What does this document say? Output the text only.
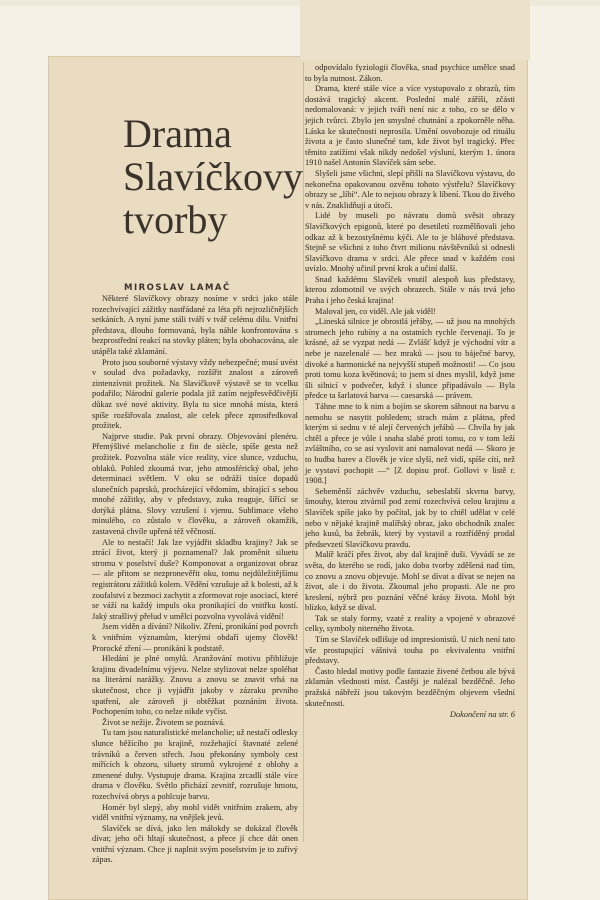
Drama Slavíčkovy tvorby
MIROSLAV LAMAČ

Některé Slavíčkovy obrazy nosíme v srdci jako stále rozechvívající zážitky nastřádané za léta při nejrozličnějších setkáních. A nyní jsme stáli tváří v tvář celému dílu. Vnitřní představa, dlouho formovaná, byla náhle konfrontována s bezprostřední reakcí na stovky pláten; byla obohacována, ale utápěla také zklamání.

Proto jsou souborné výstavy vždy nebezpečné; musí uvést v soulad dva požadavky, rozšířit znalost a zároveň zintenzívnit prožitek. Na Slavíčkově výstavě se to vcelku podařilo; Národní galerie podala již zatím nejpřesvědčivější důkaz své nové aktivity. Byla tu sice mnohá místa, která spíše rozšiřovala znalost, ale celek přece zprostředkoval prožitek.

Najprve studie. Pak první obrazy. Objevování plenéru. Přemýšlivé melancholie z fin de siècle, spíše gesta než prožitek. Pozvolna stále více reality, více slunce, vzduchu, oblaků. Pohled zkoumá tvar, jeho atmosférický obal, jeho determinaci světlem. V oku se odráží tisíce dopadů slunečních paprsků, procházející vědomím, sbírající s sebou mnohé zážitky, aby v představy, zuka reaguje, šířící se dotýká plátna. Slovy vzrušení i vjemu. Sublimace všeho minulého, co zůstalo v člověku, a zároveň okamžik, zastavená chvíle upřená též věčností.

Ale to nestačí! Jak lze vyjádřit skladbu krajiny? Jak se ztrácí život, který ji poznamenal? Jak proměnit siluetu stromu v poselství duše? Komponovat a organizovat obraz — ale přitom se nezpronevěřit oku, tomu nejdůležitějšímu registrátoru zážitků kolem. Vědění vzrušuje až k bolesti, až k zoufalství z bezmoci zachytit a zformovat roje asociací, které se váží na každý impuls oka pronikající do vnitřku kostí. Jaký strašlivý přelud v umělci pozvolna vyvolává vidění!

Jsem viděn a dívání? Nikoliv. Zření, pronikání pod povrch k vnitřním významům, kterými obdaří ujemy člověk! Prorocké zření — pronikání k podstatě.

Hledání je plné omylů. Aranžování motivu přibližuje krajinu divadelnímu výjevu. Nelze stylizovat nelze spoléhat na literární narážky. Znovu a znovu se znavit vrhá na skutečnost, chce ji vyjádřit jakoby v zázraku prvního spatření, ale zároveň ji obtěžkat poznáním života. Pochopením toho, co nelze nikde vyčíst.

Život se nežije. Životem se poznává.

Tu tam jsou naturalistické melancholie; už nestačí odlesky slunce běžícího po krajině, rozžehající štavnaté zelené trávníků a červen střech. Jsou překonány symboly cest mířících k obzoru, siluety stromů vykrojené z oblohy a zmenené duhy. Vystupuje drama. Krajina zrcadlí stále více drama v člověku. Světlo přichází zevnitř, rozrušuje hmotu, rozechvívá obrys a pohlcuje barvu.

Homér byl slepý, aby mohl vidět vnitřním zrakem, aby viděl vnitřní významy, na vnějšek jevů.

Slavíček se dívá, jako len málokdy se dokázal člověk dívat; jeho oči hltají skutečnost, a přece jí chce dát onen vnitřní význam. Chce ji naplnit svým poselstvím je to zuřivý zápas.

odpovídalo fyziologii člověka, snad psychice umělce snad to byla nutnost. Zákon.

Drama, které stále více a více vystupovalo z obrazů, tím dostává tragický akcent. Poslední malé záříši, zčásti nedomalovaná: v jejich tváři není nic z toho, co se dělo v jejich tvůrci. Zbylo jen smyslné chutnání a zpokorněle něha. Láska ke skutečnosti neprosila. Umění osvobozuje od rituálu života a je často slunečné tam, kde život byl tragický. Přec těmito zatížími však nikdy nedošel výsluní, kterým 1. února 1910 našel Antonín Slavíček sám sebe.

Slyšeli jsme všichni, slepí přišli na Slavíčkovu výstavu, do nekonečna opakovanou ozvěnu tohoto výstřelu? Slavíčkovy obrazy se „líbí“. Ale to nejsou obrazy k líbení. Tkou do živého v nás. Znaklidňují a útočí.

Lidé by museli po návratu domů svěsit obrazy Slavíčkových epigonů, které po desetiletí rozmělňovali jeho odkaz až k bezostyšnému kýči. Ale to je bláhové představa. Stejně se všichni z toho čtvrt milionu návštěvníků si odnesli Slavíčkovo drama v srdci. Ale přece snad v každém cosi uvízlo. Mnohý učinil první krok a učiní další.

Snad každému Slavíček vnutil alespoň kus představy, kterou zdomotnil ve svých obrazech. Stále v nás trvá jeho Praha i jeho česká krajina!

Maloval jen, co viděl. Ale jak viděl!

„Lineská silnice je obrostlá jeřáby, — už jsou na mnohých stromech jeho rubíny a na ostatních rychle červenají. To je krásné, až se vyzpat nedá — Zvlášť když je východní vítr a nebe je nazelenalé — bez mraků — jsou to báječné barvy, divoké a harmonické na nejvyšší stupeň možnosti! — Co jsou proti tomu koza květinová; to jsem si dnes myslil, když jsme šli silnicí v podvečer, když i slunce připadávalo — Byla předce ta šarlatová barva — caesarská — právem.

Táhne mne to k nim a bojím se skorem sáhnout na barvu a nemohu se nasytit pohledem; strach mám z plátna, před kterým si sednu v té alejí červených jeřábů — Chvíla by jak chtěl a přece je vůle i snaha slabé proti tomu, co v tom leží zvláštního, co se asi vyslovit ani namalovat nedá — Skoro je to hudba barev a člověk je více slyší, než vidí, spíše cítí, než je vystaví pochopit —“ [Z dopisu prof. Gollovi v listě r. 1908.]

Sebeměnší záchvěv vzduchu, sebeslabší skvrna barvy, šmouhy, kterou ztvárnil pod zemí rozechvívá celou krajinu a Slavíček spíše jako by počítal, jak by to chtěl udělat v celé nebo v nějaké krajině malířský obraz, jako obchodník znalec jeho kusů, ba žebrák, který by vystavil a roztříděný prodal předsevzetí Slavíčkovu pravdu.

Malíř kráčí přes život, aby dal krajině duši. Vyvádí se ze světa, do kterého se rodí, jako doba tvorby zděšená nad tím, co znovu a znovu objevuje. Mohl se dívat a dívat se nejen na život, ale i do života. Zkoumal jeho propasti. Ale ne pro kreslení, nýbrž pro poznání věčné krásy života. Mohl být blízko, když se díval.

Tak se staly formy, vzaté z reality a vpojené v obrazové celky, symboly niterného života.

Tím se Slavíček odlišuje od impresionistů. U nich není tato vše prostupující vášnivá touha po ekvivalentu vnitřní představy.

Často hledal motivy podle fantazie živené četbou ale bývá zklamán všednosti míst. Častěji je nalézal bezděčně. Jeho pražská nábřeží jsou takovým bezděčným objevem všední skutečnosti.

Dokončení na str. 6
